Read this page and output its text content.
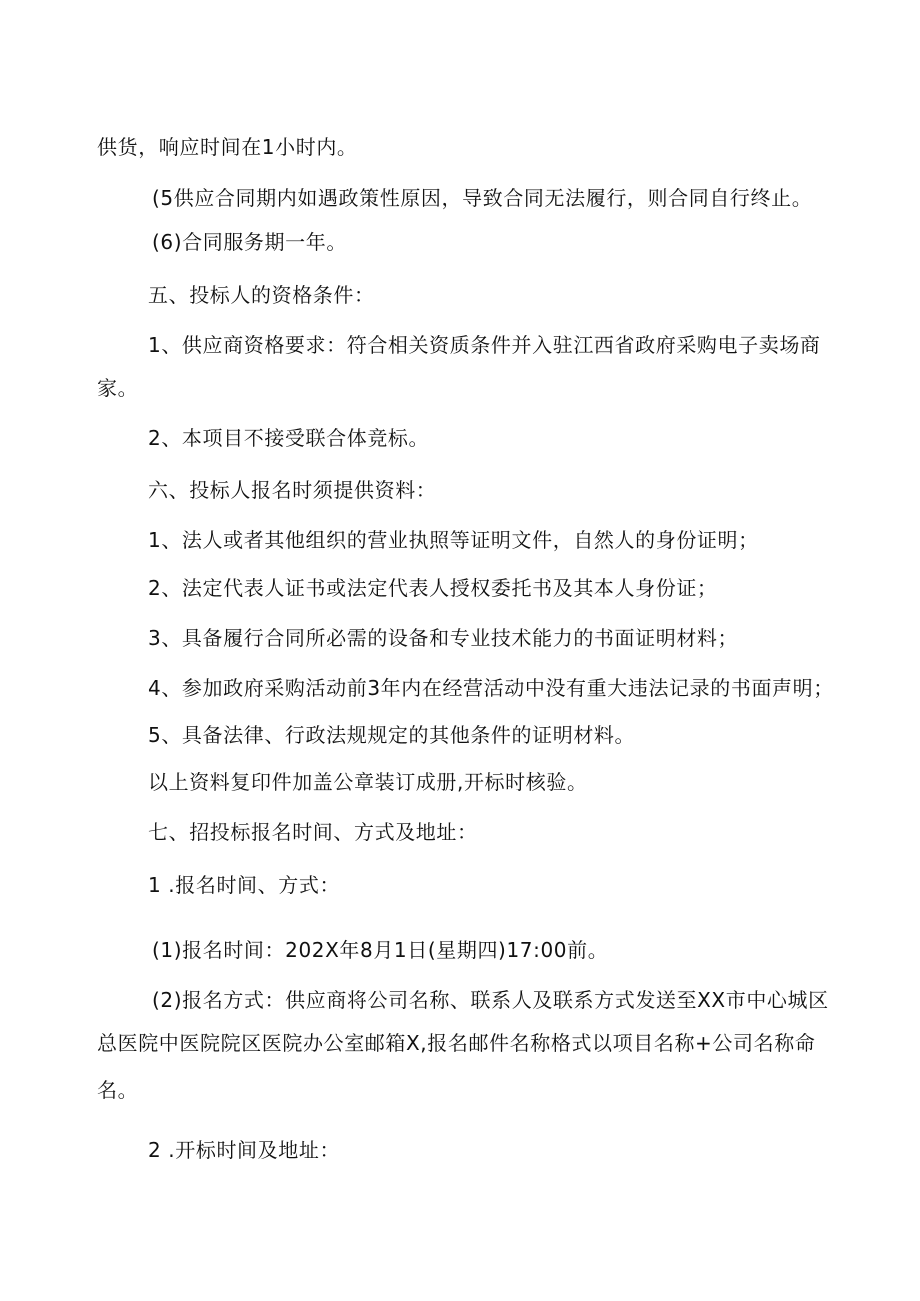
供货，响应时间在1小时内。
(5供应合同期内如遇政策性原因，导致合同无法履行，则合同自行终止。
(6)合同服务期一年。
五、投标人的资格条件：
1、供应商资格要求：符合相关资质条件并入驻江西省政府采购电子卖场商
家。
2、本项目不接受联合体竞标。
六、投标人报名时须提供资料：
1、法人或者其他组织的营业执照等证明文件，自然人的身份证明；
2、法定代表人证书或法定代表人授权委托书及其本人身份证；
3、具备履行合同所必需的设备和专业技术能力的书面证明材料；
4、参加政府采购活动前3年内在经营活动中没有重大违法记录的书面声明；
5、具备法律、行政法规规定的其他条件的证明材料。
以上资料复印件加盖公章装订成册,开标时核验。
七、招投标报名时间、方式及地址：
1 .报名时间、方式：
(1)报名时间：202X年8月1日(星期四)17:00前。
(2)报名方式：供应商将公司名称、联系人及联系方式发送至XX市中心城区
总医院中医院院区医院办公室邮箱X,报名邮件名称格式以项目名称+公司名称命
名。
2 .开标时间及地址：
